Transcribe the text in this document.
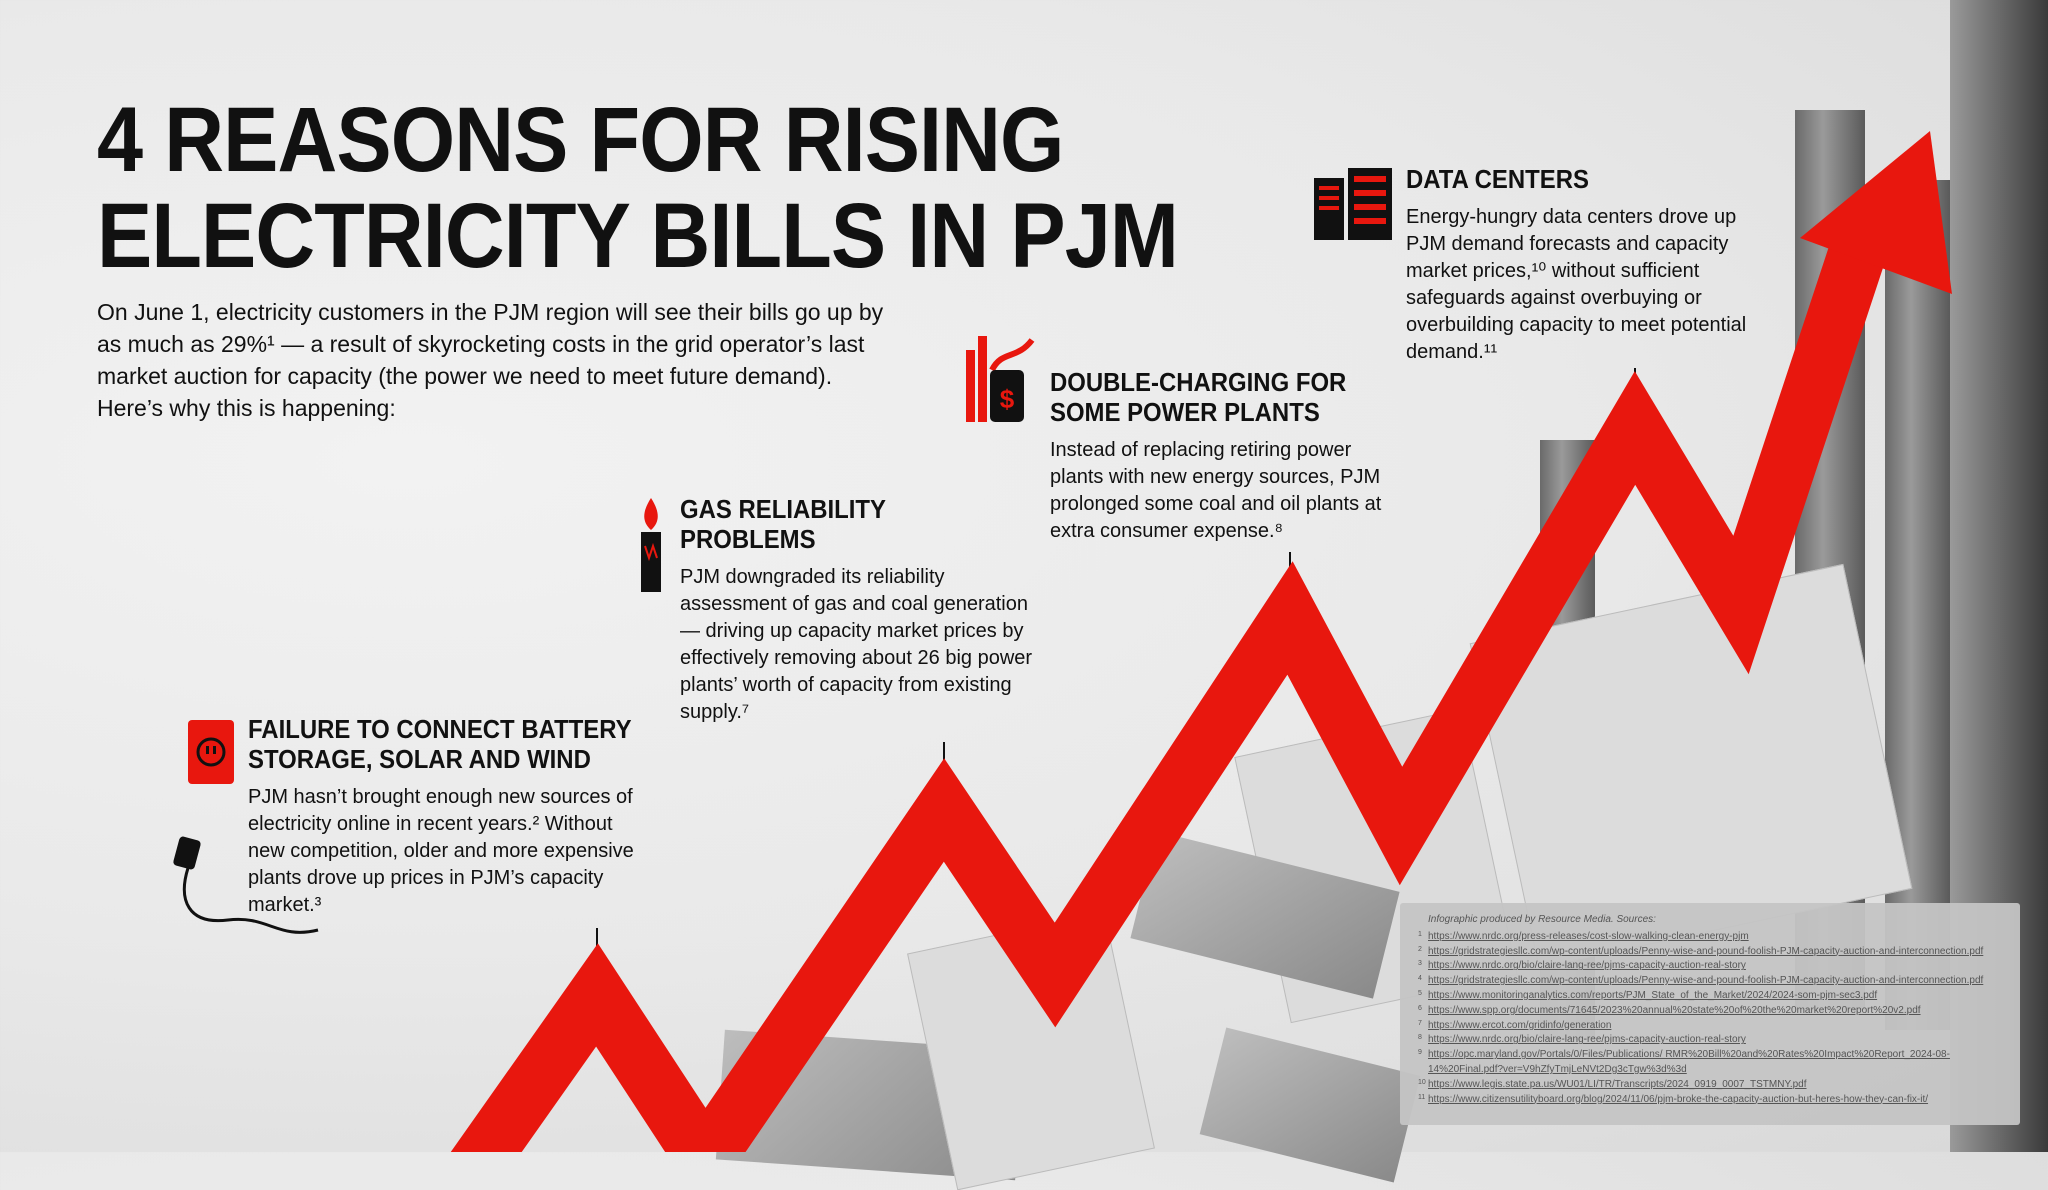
4 REASONS FOR RISING
ELECTRICITY BILLS IN PJM

On June 1, electricity customers in the PJM region will see their bills go up by as much as 29%¹ — a result of skyrocketing costs in the grid operator’s last market auction for capacity (the power we need to meet future demand). Here’s why this is happening:

FAILURE TO CONNECT BATTERY
STORAGE, SOLAR AND WIND

PJM hasn’t brought enough new sources of electricity online in recent years.² Without new competition, older and more expensive plants drove up prices in PJM’s capacity market.³

GAS RELIABILITY
PROBLEMS

PJM downgraded its reliability assessment of gas and coal generation — driving up capacity market prices by effectively removing about 26 big power plants’ worth of capacity from existing supply.⁷

$
DOUBLE-CHARGING FOR
SOME POWER PLANTS

Instead of replacing retiring power plants with new energy sources, PJM prolonged some coal and oil plants at extra consumer expense.⁸

DATA CENTERS

Energy-hungry data centers drove up PJM demand forecasts and capacity market prices,¹⁰ without sufficient safeguards against overbuying or overbuilding capacity to meet potential demand.¹¹

Infographic produced by Resource Media. Sources:
1 https://www.nrdc.org/press-releases/cost-slow-walking-clean-energy-pjm
2 https://gridstrategiesllc.com/wp-content/uploads/Penny-wise-and-pound-foolish-PJM-capacity-auction-and-interconnection.pdf
3 https://www.nrdc.org/bio/claire-lang-ree/pjms-capacity-auction-real-story
4 https://gridstrategiesllc.com/wp-content/uploads/Penny-wise-and-pound-foolish-PJM-capacity-auction-and-interconnection.pdf
5 https://www.monitoringanalytics.com/reports/PJM_State_of_the_Market/2024/2024-som-pjm-sec3.pdf
6 https://www.spp.org/documents/71645/2023%20annual%20state%20of%20the%20market%20report%20v2.pdf
7 https://www.ercot.com/gridinfo/generation
8 https://www.nrdc.org/bio/claire-lang-ree/pjms-capacity-auction-real-story
9 https://opc.maryland.gov/Portals/0/Files/Publications/ RMR%20Bill%20and%20Rates%20Impact%20Report_2024-08-14%20Final.pdf?ver=V9hZfyTmjLeNVt2Dg3cTgw%3d%3d
10 https://www.legis.state.pa.us/WU01/LI/TR/Transcripts/2024_0919_0007_TSTMNY.pdf
11 https://www.citizensutilityboard.org/blog/2024/11/06/pjm-broke-the-capacity-auction-but-heres-how-they-can-fix-it/
